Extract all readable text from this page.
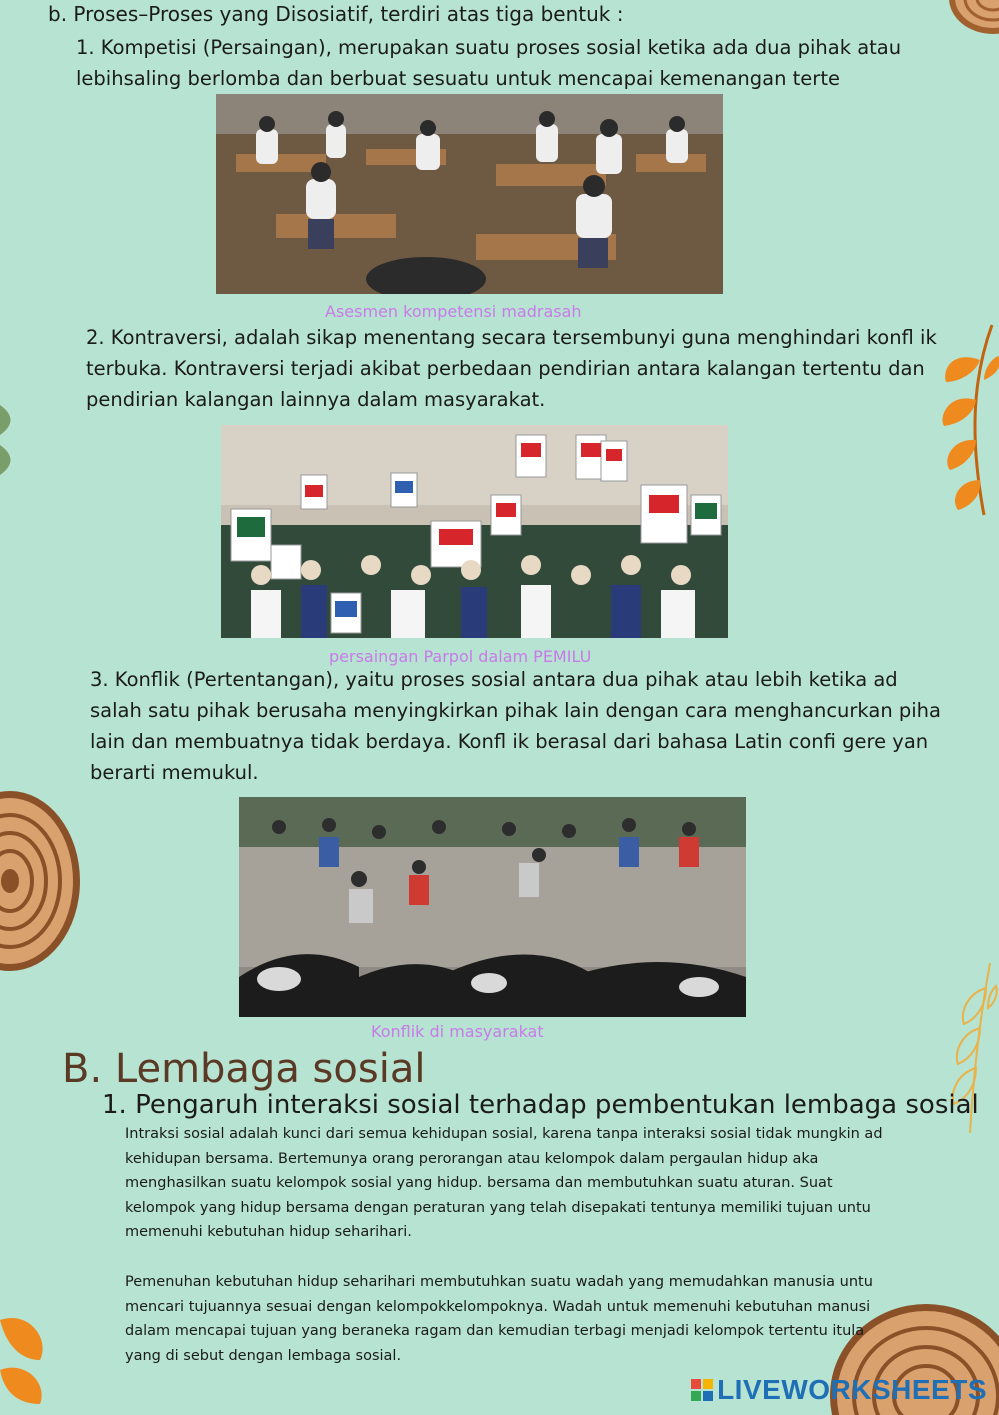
b. Proses–Proses yang Disosiatif, terdiri atas tiga bentuk :
1. Kompetisi (Persaingan), merupakan suatu proses sosial ketika ada dua pihak atau
lebihsaling berlomba dan berbuat sesuatu untuk mencapai kemenangan terte
Asesmen kompetensi madrasah
2. Kontraversi, adalah sikap menentang secara tersembunyi guna menghindari konfl ik
terbuka. Kontraversi terjadi akibat perbedaan pendirian antara kalangan tertentu dan
pendirian kalangan lainnya dalam masyarakat.
persaingan Parpol dalam PEMILU
3. Konflik (Pertentangan), yaitu proses sosial antara dua pihak atau lebih ketika ad
salah satu pihak berusaha menyingkirkan pihak lain dengan cara menghancurkan piha
lain dan membuatnya tidak berdaya. Konfl ik berasal dari bahasa Latin confi gere yan
berarti memukul.
Konflik di masyarakat
B. Lembaga sosial
1. Pengaruh interaksi sosial terhadap pembentukan lembaga sosial
Intraksi sosial adalah kunci dari semua kehidupan sosial, karena tanpa interaksi sosial tidak mungkin ad
kehidupan bersama. Bertemunya orang perorangan atau kelompok dalam pergaulan hidup aka
menghasilkan suatu kelompok sosial yang hidup. bersama dan membutuhkan suatu aturan. Suat
kelompok yang hidup bersama dengan peraturan yang telah disepakati tentunya memiliki tujuan untu
memenuhi kebutuhan hidup seharihari.
Pemenuhan kebutuhan hidup seharihari membutuhkan suatu wadah yang memudahkan manusia untu
mencari tujuannya sesuai dengan kelompokkelompoknya. Wadah untuk memenuhi kebutuhan manusi
dalam mencapai tujuan yang beraneka ragam dan kemudian terbagi menjadi kelompok tertentu itula
yang di sebut dengan lembaga sosial.
LIVEWORKSHEETS
